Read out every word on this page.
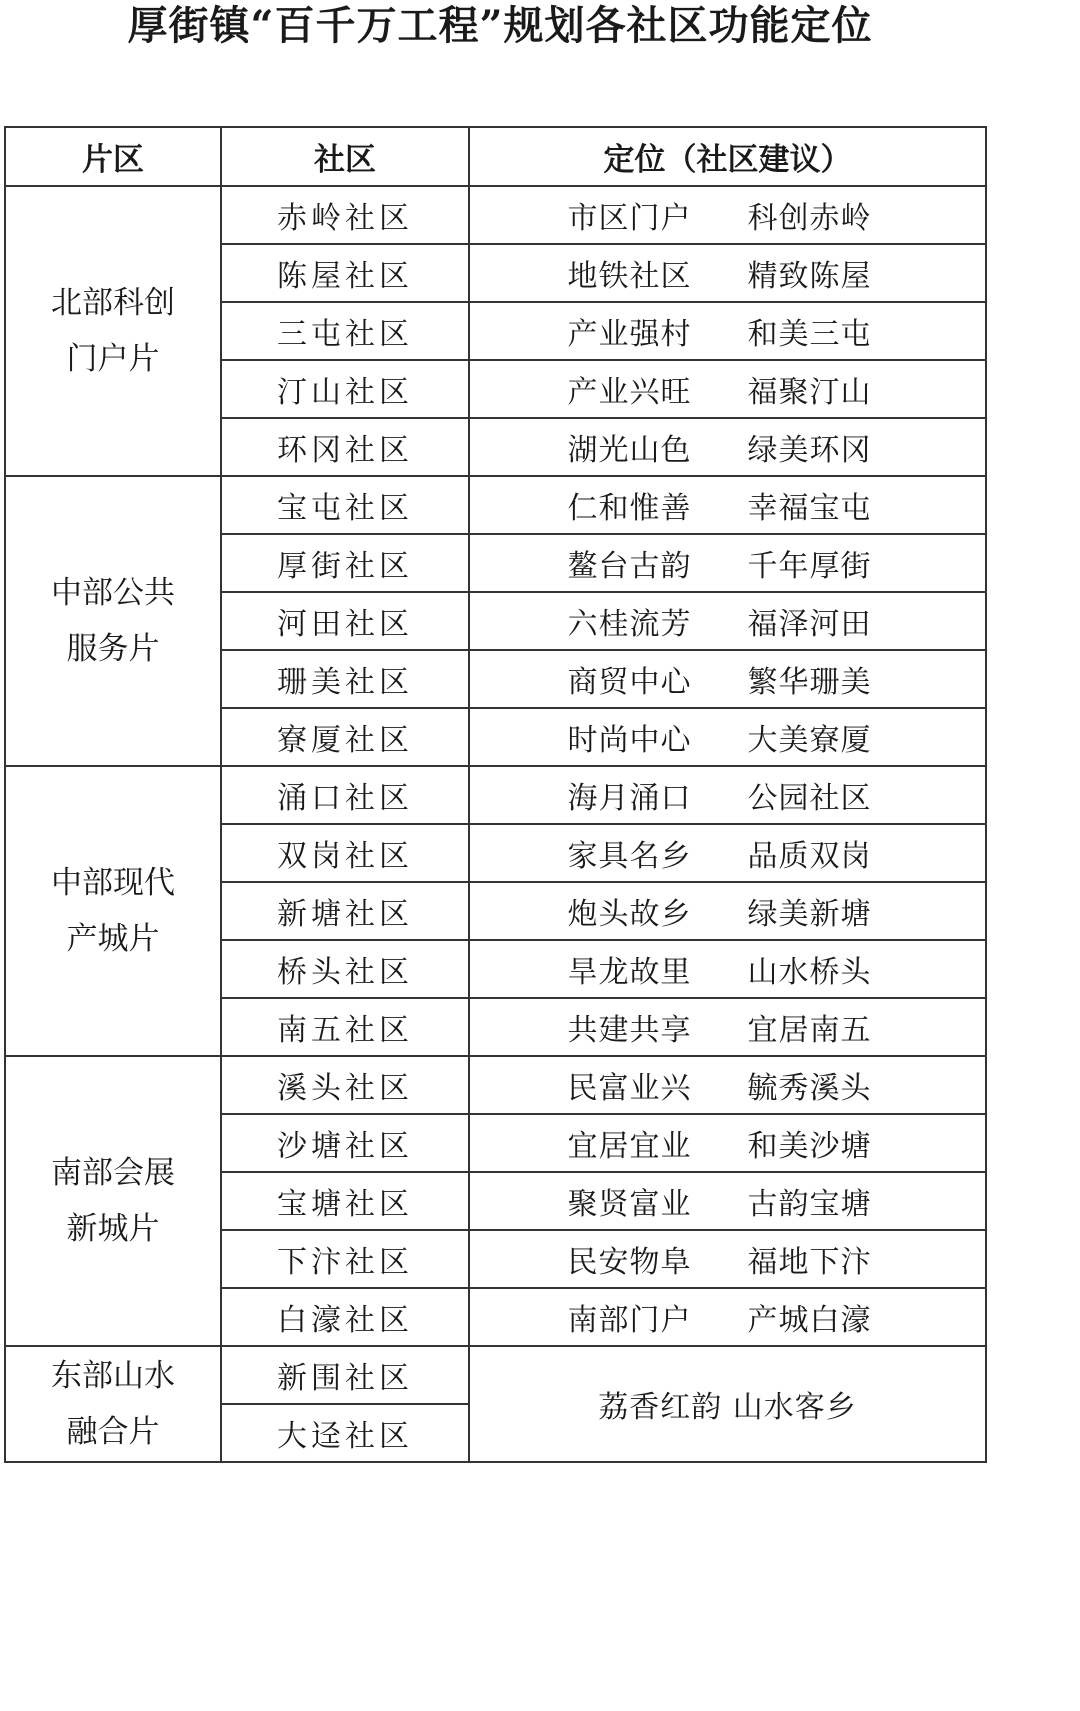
厚街镇“百千万工程”规划各社区功能定位
片区	社区	定位（社区建议）

北部科创
门户片	赤岭社区	市区门户 科创赤岭
	陈屋社区	地铁社区 精致陈屋
	三屯社区	产业强村 和美三屯
	汀山社区	产业兴旺 福聚汀山
	环冈社区	湖光山色 绿美环冈

中部公共
服务片	宝屯社区	仁和惟善 幸福宝屯
	厚街社区	鳌台古韵 千年厚街
	河田社区	六桂流芳 福泽河田
	珊美社区	商贸中心 繁华珊美
	寮厦社区	时尚中心 大美寮厦

中部现代
产城片	涌口社区	海月涌口 公园社区
	双岗社区	家具名乡 品质双岗
	新塘社区	炮头故乡 绿美新塘
	桥头社区	旱龙故里 山水桥头
	南五社区	共建共享 宜居南五

南部会展
新城片	溪头社区	民富业兴 毓秀溪头
	沙塘社区	宜居宜业 和美沙塘
	宝塘社区	聚贤富业 古韵宝塘
	下汴社区	民安物阜 福地下汴
	白濠社区	南部门户 产城白濠

东部山水
融合片	新围社区	荔香红韵 山水客乡
	大迳社区	
